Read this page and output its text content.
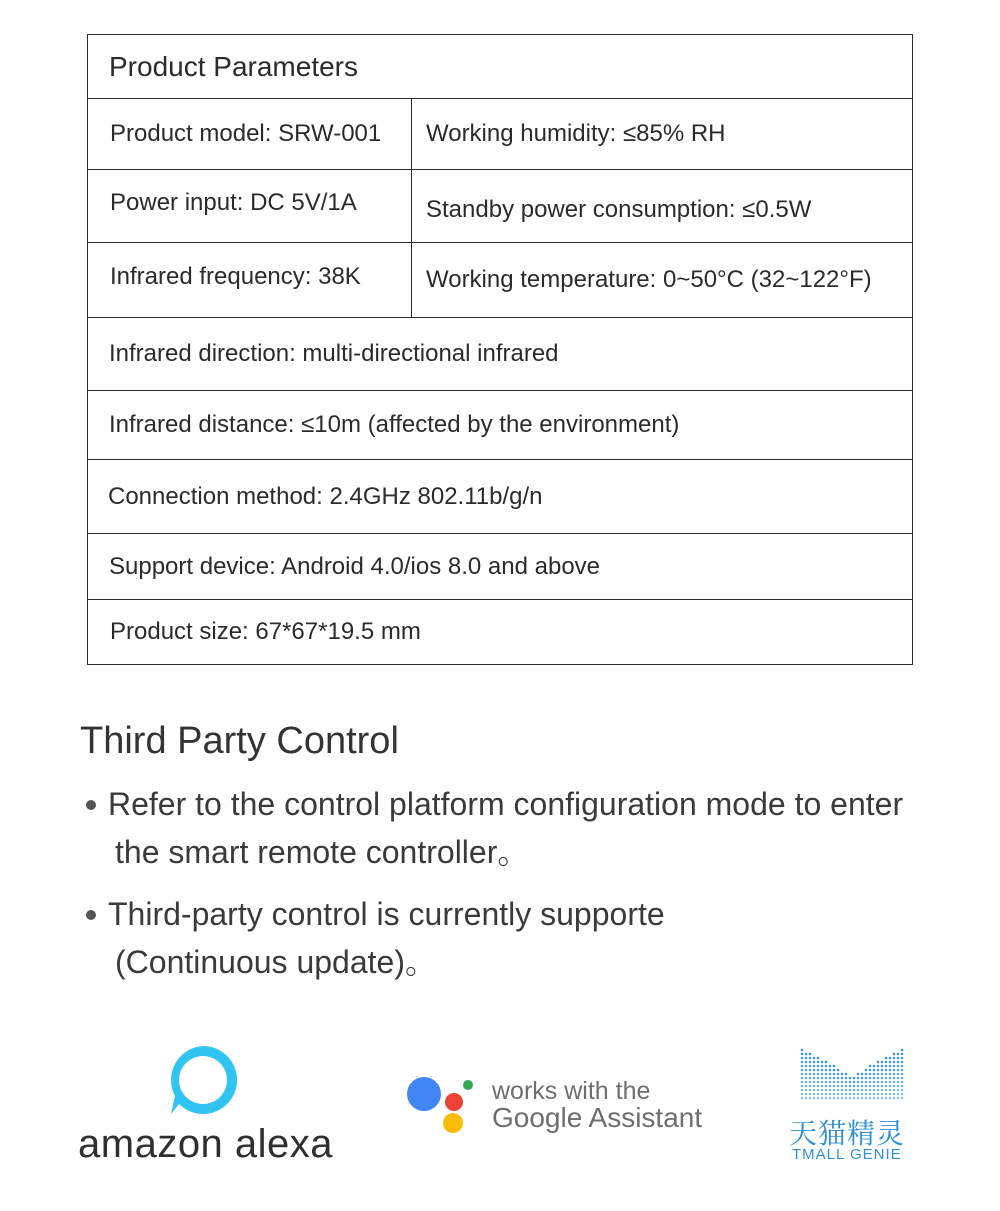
Product Parameters
Product model: SRW-001	Working humidity: ≤85% RH
Power input: DC 5V/1A	Standby power consumption: ≤0.5W
Infrared frequency: 38K	Working temperature: 0~50°C (32~122°F)
Infrared direction: multi-directional infrared
Infrared distance: ≤10m (affected by the environment)
Connection method: 2.4GHz 802.11b/g/n
Support device: Android 4.0/ios 8.0 and above
Product size: 67*67*19.5 mm
Third Party Control
Refer to the control platform configuration mode to enter
the smart remote controller。
Third-party control is currently supporte
(Continuous update)。
amazon alexa
works with the
Google Assistant
天猫精灵
TMALL GENIE
